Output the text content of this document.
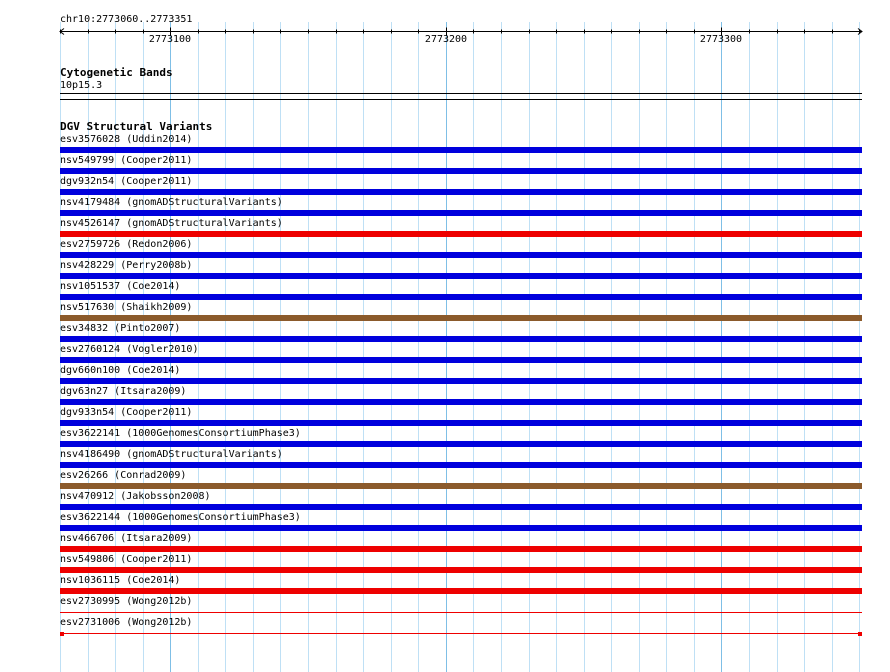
chr10:2773060..2773351
2773100	2773200	2773300
Cytogenetic Bands
10p15.3
DGV Structural Variants
esv3576028 (Uddin2014)
nsv549799 (Cooper2011)
dgv932n54 (Cooper2011)
nsv4179484 (gnomADStructuralVariants)
nsv4526147 (gnomADStructuralVariants)
esv2759726 (Redon2006)
nsv428229 (Perry2008b)
nsv1051537 (Coe2014)
nsv517630 (Shaikh2009)
esv34832 (Pinto2007)
esv2760124 (Vogler2010)
dgv660n100 (Coe2014)
dgv63n27 (Itsara2009)
dgv933n54 (Cooper2011)
esv3622141 (1000GenomesConsortiumPhase3)
nsv4186490 (gnomADStructuralVariants)
esv26266 (Conrad2009)
nsv470912 (Jakobsson2008)
esv3622144 (1000GenomesConsortiumPhase3)
nsv466706 (Itsara2009)
nsv549806 (Cooper2011)
nsv1036115 (Coe2014)
esv2730995 (Wong2012b)
esv2731006 (Wong2012b)
